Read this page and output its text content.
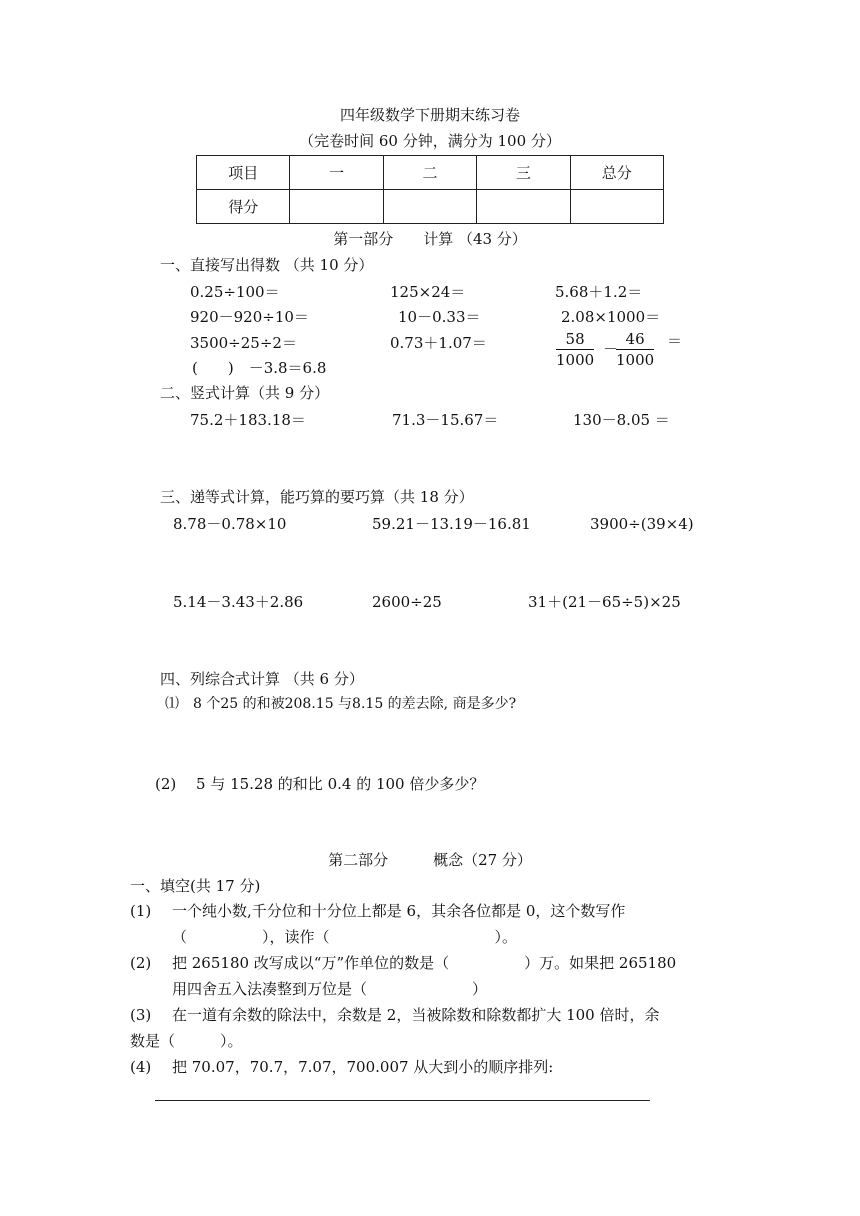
四年级数学下册期末练习卷
（完卷时间 60 分钟，满分为 100 分）
项目	一	二	三	总分
得分				
第一部分　　计算 （43 分）
一、直接写出得数 （共 10 分）
0.25÷100＝	125×24＝	5.68＋1.2＝
920－920÷10＝	10－0.33＝	2.08×1000＝
3500÷25÷2＝	0.73＋1.07＝	$\frac{58}{1000}$ －
$\frac{46}{1000}$ ＝
(　　)　－3.8＝6.8
二、竖式计算（共 9 分）
75.2＋183.18＝	71.3－15.67＝	130－8.05 ＝
三、递等式计算，能巧算的要巧算（共 18 分）
8.78－0.78×10	59.21－13.19－16.81	3900÷(39×4)
5.14－3.43＋2.86	2600÷25	31＋(21－65÷5)×25
四、列综合式计算 （共 6 分）
⑴　8 个25 的和被208.15 与8.15 的差去除, 商是多少?
(2)　 5 与 15.28 的和比 0.4 的 100 倍少多少？
第二部分　　　概念（27 分）
一、填空(共 17 分)
(1) 一个纯小数,千分位和十分位上都是 6，其余各位都是 0，这个数写作
（　　　　　），读作（　　　　　　　　　　　）。
(2) 把 265180 改写成以“万”作单位的数是（　　　　　）万。如果把 265180
用四舍五入法凑整到万位是（　　　　　　　）
(3) 在一道有余数的除法中，余数是 2，当被除数和除数都扩大 100 倍时，余
数是（　　　）。
(4) 把 70.07，70.7，7.07，700.007 从大到小的顺序排列:
